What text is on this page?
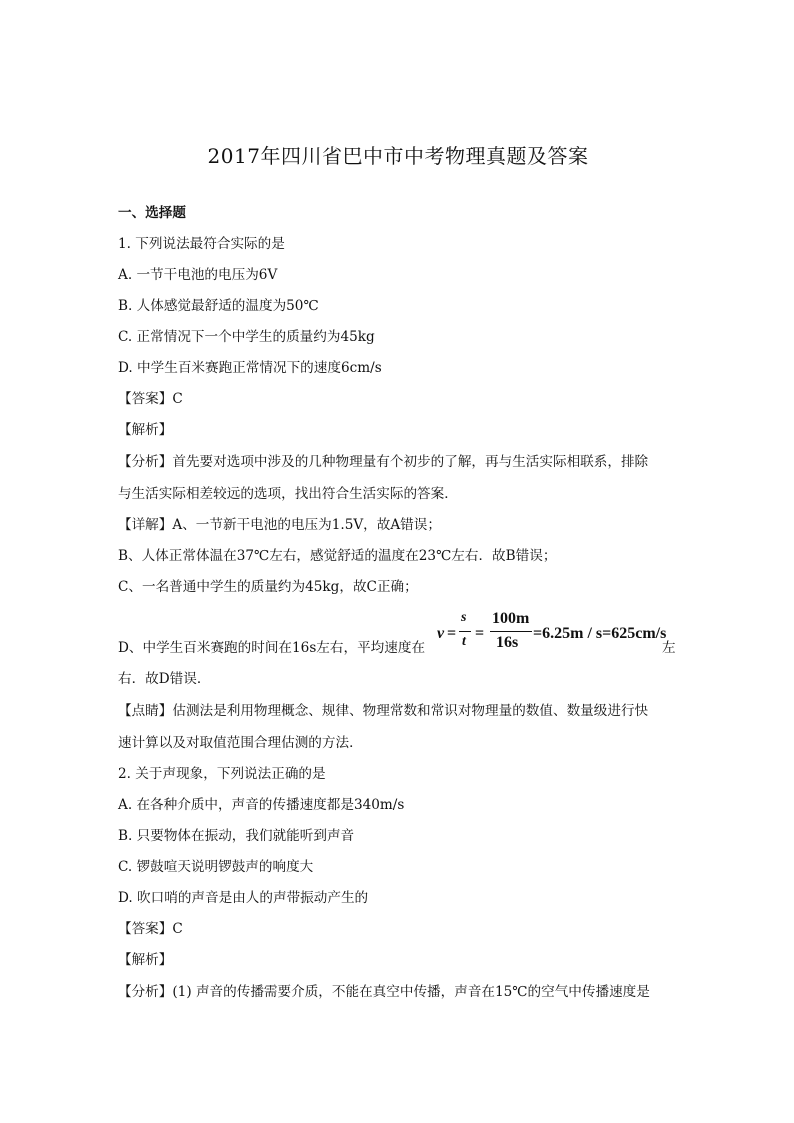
2017年四川省巴中市中考物理真题及答案
一、选择题
1. 下列说法最符合实际的是
A. 一节干电池的电压为6V
B. 人体感觉最舒适的温度为50℃
C. 正常情况下一个中学生的质量约为45kg
D. 中学生百米赛跑正常情况下的速度6cm/s
【答案】C
【解析】
【分析】首先要对选项中涉及的几种物理量有个初步的了解，再与生活实际相联系，排除
与生活实际相差较远的选项，找出符合生活实际的答案．
【详解】A、一节新干电池的电压为1.5V，故A错误；
B、人体正常体温在37℃左右，感觉舒适的温度在23℃左右．故B错误；
C、一名普通中学生的质量约为45kg，故C正确；
D、中学生百米赛跑的时间在16s左右，平均速度在
v =
s
t =
100m
16s
=6.25m / s=625cm/s
左
右．故D错误．
【点睛】估测法是利用物理概念、规律、物理常数和常识对物理量的数值、数量级进行快
速计算以及对取值范围合理估测的方法．
2. 关于声现象，下列说法正确的是
A. 在各种介质中，声音的传播速度都是340m/s
B. 只要物体在振动，我们就能听到声音
C. 锣鼓喧天说明锣鼓声的响度大
D. 吹口哨的声音是由人的声带振动产生的
【答案】C
【解析】
【分析】(1) 声音的传播需要介质，不能在真空中传播，声音在15℃的空气中传播速度是
